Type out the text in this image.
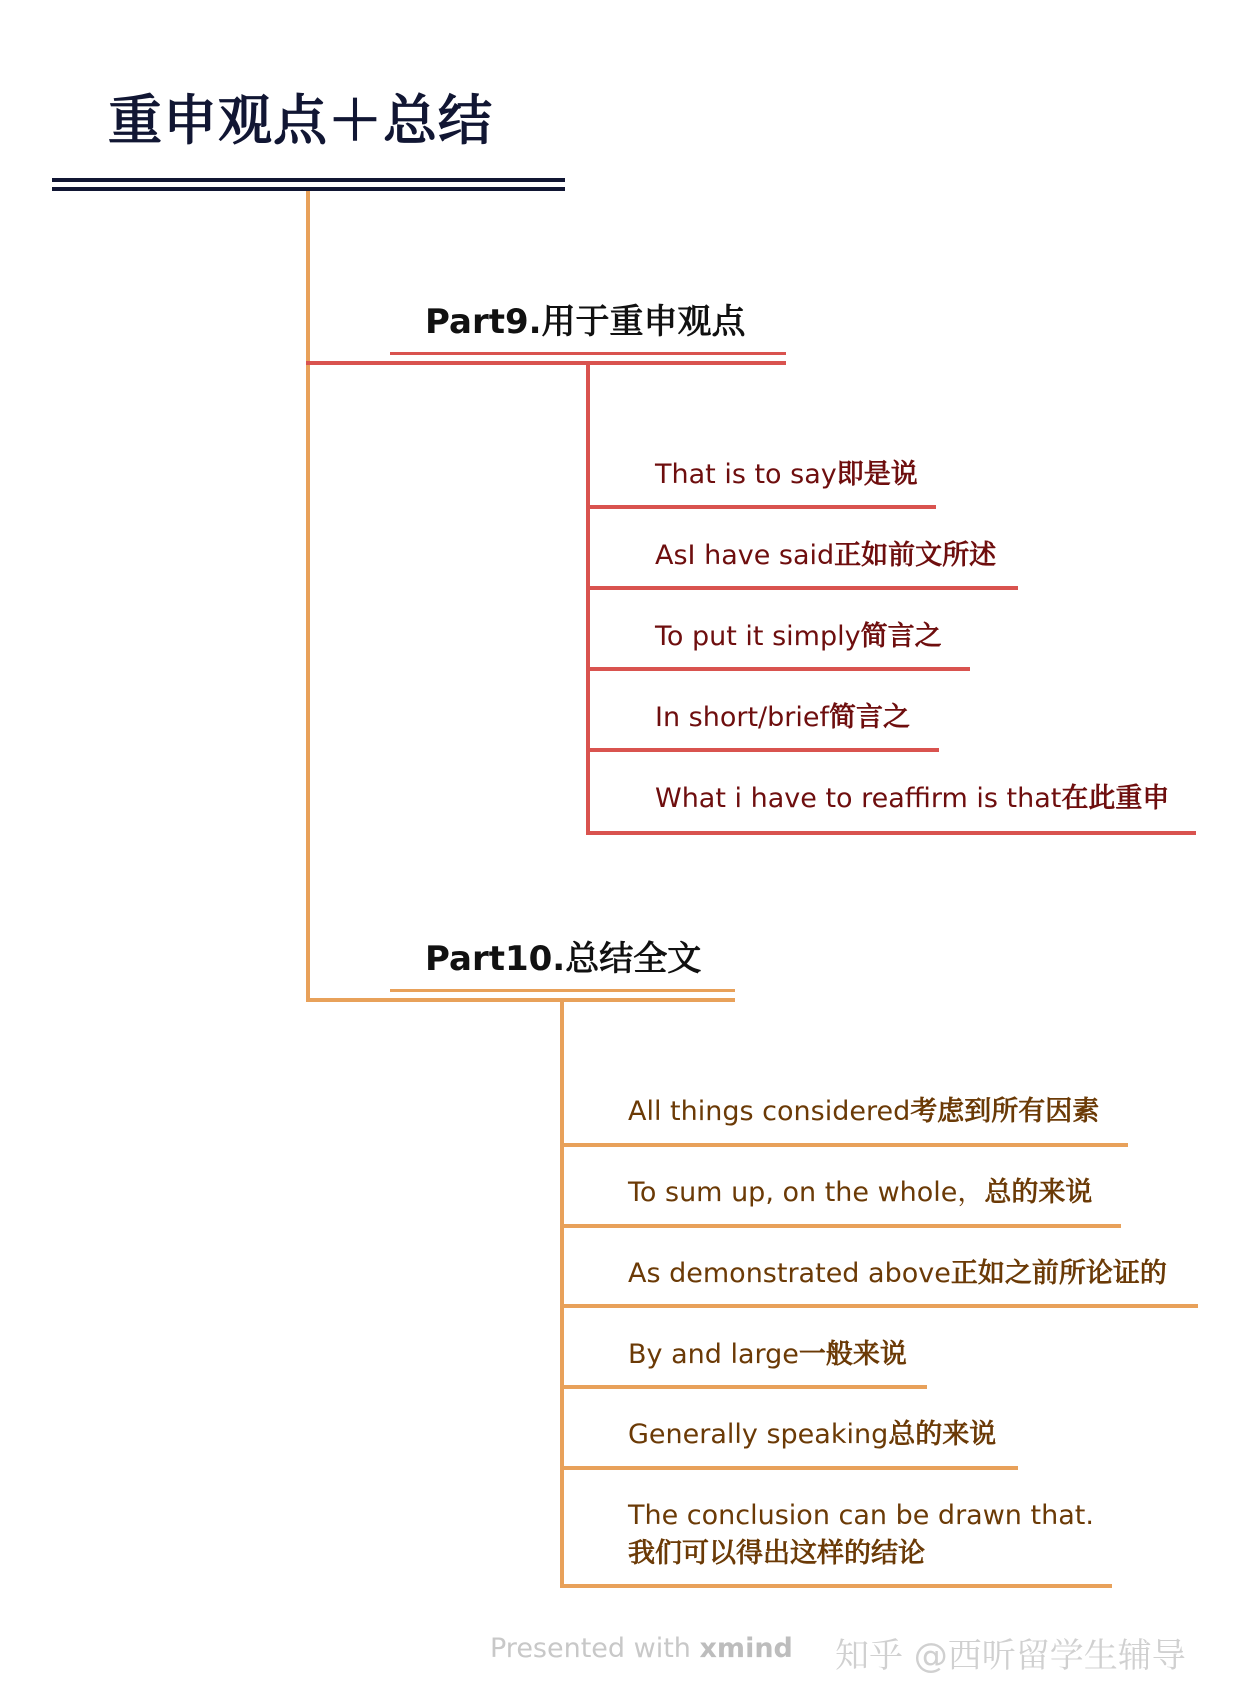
重申观点＋总结
Part9.用于重申观点
That is to say即是说
AsI have said正如前文所述
To put it simply简言之
In short/brief简言之
What i have to reaffirm is that在此重申
Part10.总结全文
All things considered考虑到所有因素
To sum up, on the whole，总的来说
As demonstrated above正如之前所论证的
By and large一般来说
Generally speaking总的来说
The conclusion can be drawn that.
我们可以得出这样的结论
Presented with xmind 知乎 @西听留学生辅导
